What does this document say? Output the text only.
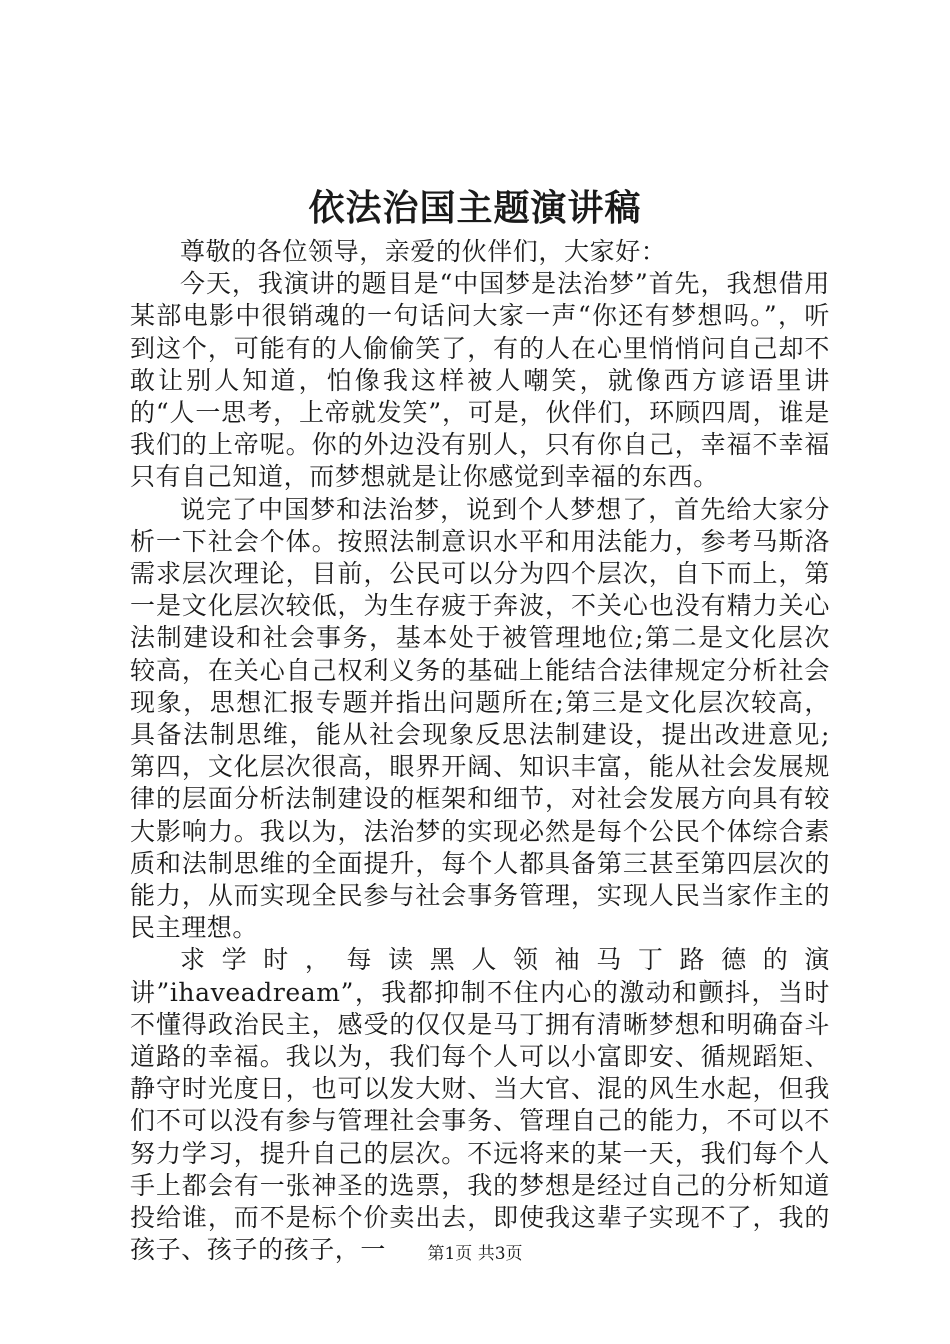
依法治国主题演讲稿

尊敬的各位领导，亲爱的伙伴们，大家好：

今天，我演讲的题目是“中国梦是法治梦”首先，我想借用某部电影中很销魂的一句话问大家一声“你还有梦想吗。”，听到这个，可能有的人偷偷笑了，有的人在心里悄悄问自己却不敢让别人知道，怕像我这样被人嘲笑，就像西方谚语里讲的“人一思考，上帝就发笑”，可是，伙伴们，环顾四周，谁是我们的上帝呢。你的外边没有别人，只有你自己，幸福不幸福只有自己知道，而梦想就是让你感觉到幸福的东西。

说完了中国梦和法治梦，说到个人梦想了，首先给大家分析一下社会个体。按照法制意识水平和用法能力，参考马斯洛需求层次理论，目前，公民可以分为四个层次，自下而上，第一是文化层次较低，为生存疲于奔波，不关心也没有精力关心法制建设和社会事务，基本处于被管理地位;第二是文化层次较高，在关心自己权利义务的基础上能结合法律规定分析社会现象，思想汇报专题并指出问题所在;第三是文化层次较高，具备法制思维，能从社会现象反思法制建设，提出改进意见;第四，文化层次很高，眼界开阔、知识丰富，能从社会发展规律的层面分析法制建设的框架和细节，对社会发展方向具有较大影响力。我以为，法治梦的实现必然是每个公民个体综合素质和法制思维的全面提升，每个人都具备第三甚至第四层次的能力，从而实现全民参与社会事务管理，实现人民当家作主的民主理想。

求学时，每读黑人领袖马丁路德的演讲”ihaveadream”，我都抑制不住内心的激动和颤抖，当时不懂得政治民主，感受的仅仅是马丁拥有清晰梦想和明确奋斗道路的幸福。我以为，我们每个人可以小富即安、循规蹈矩、静守时光度日，也可以发大财、当大官、混的风生水起，但我们不可以没有参与管理社会事务、管理自己的能力，不可以不努力学习，提升自己的层次。不远将来的某一天，我们每个人手上都会有一张神圣的选票，我的梦想是经过自己的分析知道投给谁，而不是标个价卖出去，即使我这辈子实现不了，我的孩子、孩子的孩子，一	第1页 共3页
